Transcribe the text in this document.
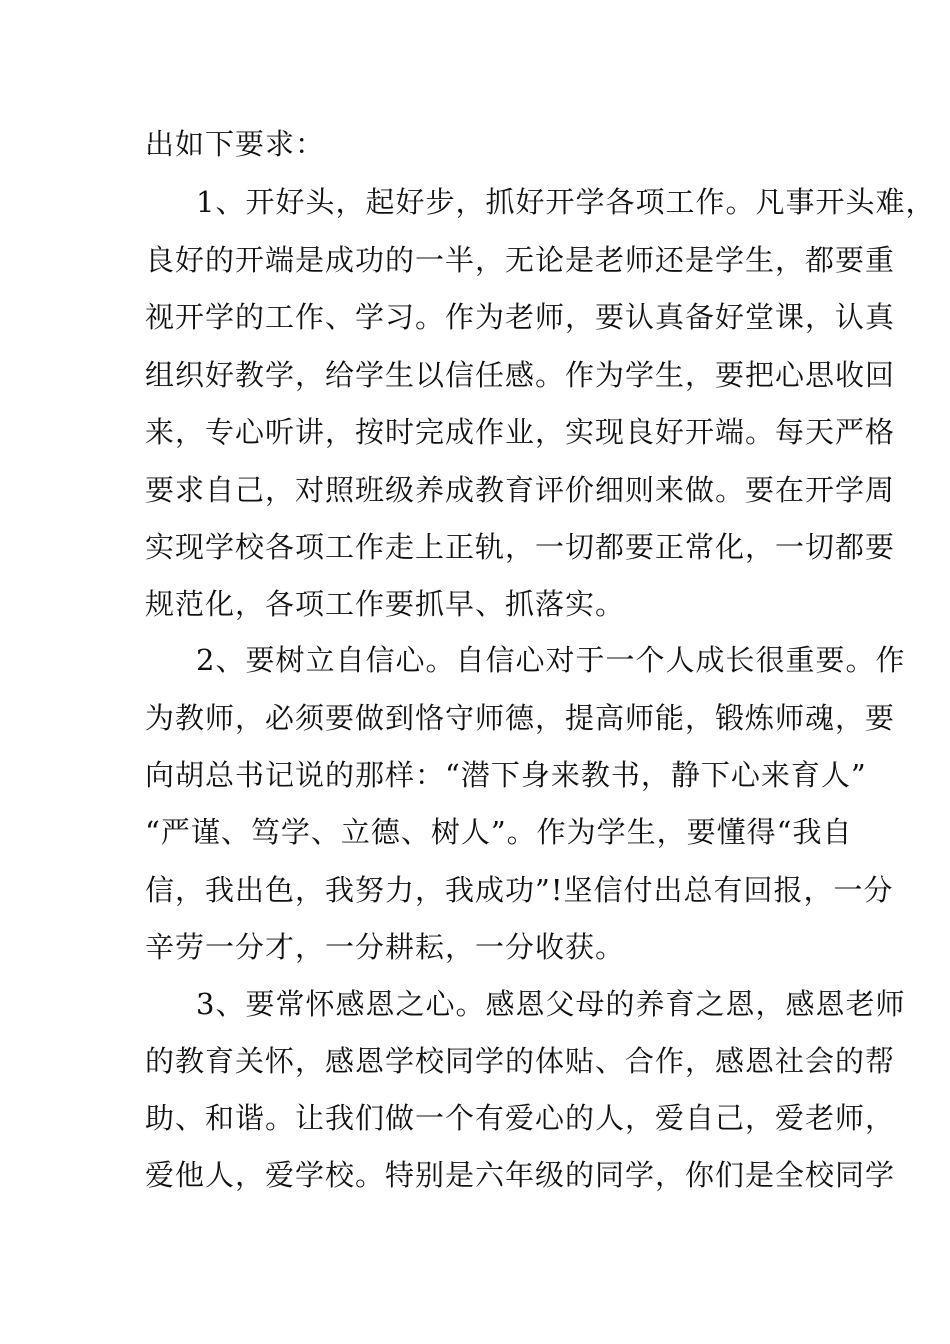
出如下要求：
1、开好头，起好步，抓好开学各项工作。凡事开头难，
良好的开端是成功的一半，无论是老师还是学生，都要重
视开学的工作、学习。作为老师，要认真备好堂课，认真
组织好教学，给学生以信任感。作为学生，要把心思收回
来，专心听讲，按时完成作业，实现良好开端。每天严格
要求自己，对照班级养成教育评价细则来做。要在开学周
实现学校各项工作走上正轨，一切都要正常化，一切都要
规范化，各项工作要抓早、抓落实。
2、要树立自信心。自信心对于一个人成长很重要。作
为教师，必须要做到恪守师德，提高师能，锻炼师魂，要
向胡总书记说的那样：“潜下身来教书，静下心来育人”
“严谨、笃学、立德、树人”。作为学生，要懂得“我自
信，我出色，我努力，我成功”!坚信付出总有回报，一分
辛劳一分才，一分耕耘，一分收获。
3、要常怀感恩之心。感恩父母的养育之恩，感恩老师
的教育关怀，感恩学校同学的体贴、合作，感恩社会的帮
助、和谐。让我们做一个有爱心的人，爱自己，爱老师，
爱他人，爱学校。特别是六年级的同学，你们是全校同学
